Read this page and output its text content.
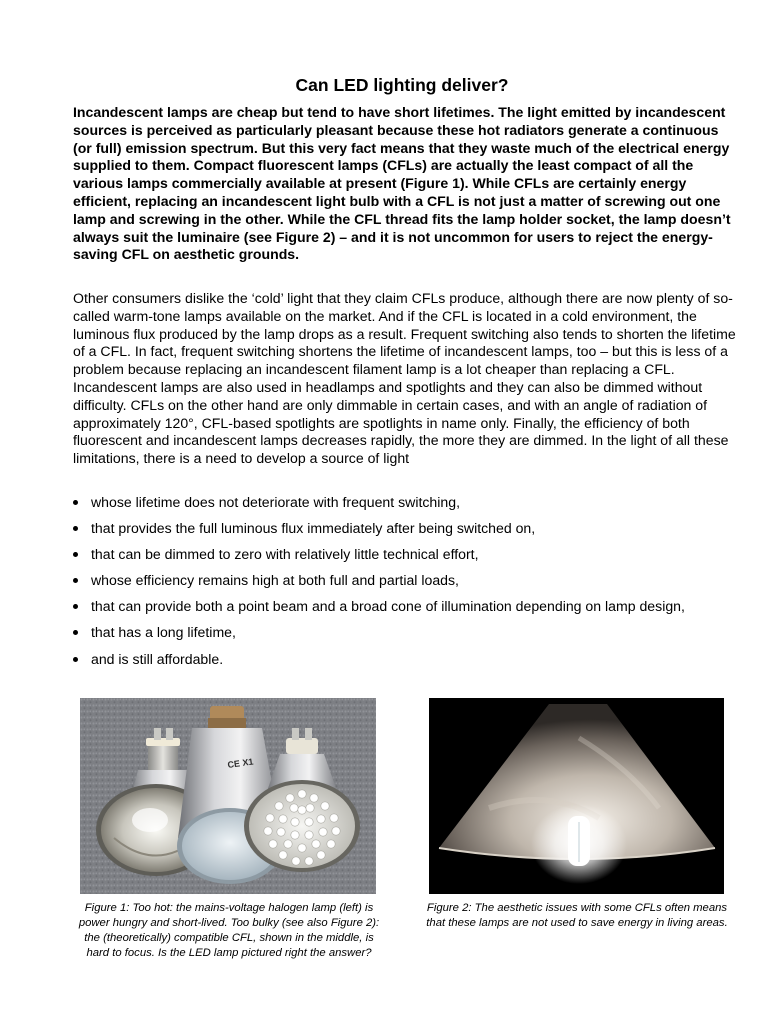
Can LED lighting deliver?

Incandescent lamps are cheap but tend to have short lifetimes. The light emitted by incandescent sources is perceived as particularly pleasant because these hot radiators generate a continuous (or full) emission spectrum. But this very fact means that they waste much of the electrical energy supplied to them. Compact fluorescent lamps (CFLs) are actually the least compact of all the various lamps commercially available at present (Figure 1). While CFLs are certainly energy efficient, replacing an incandescent light bulb with a CFL is not just a matter of screwing out one lamp and screwing in the other. While the CFL thread fits the lamp holder socket, the lamp doesn’t always suit the luminaire (see Figure 2) – and it is not uncommon for users to reject the energy-saving CFL on aesthetic grounds.

Other consumers dislike the ‘cold’ light that they claim CFLs produce, although there are now plenty of so-called warm-tone lamps available on the market. And if the CFL is located in a cold environment, the luminous flux produced by the lamp drops as a result. Frequent switching also tends to shorten the lifetime of a CFL. In fact, frequent switching shortens the lifetime of incandescent lamps, too – but this is less of a problem because replacing an incandescent filament lamp is a lot cheaper than replacing a CFL. Incandescent lamps are also used in headlamps and spotlights and they can also be dimmed without difficulty. CFLs on the other hand are only dimmable in certain cases, and with an angle of radiation of approximately 120°, CFL-based spotlights are spotlights in name only. Finally, the efficiency of both fluorescent and incandescent lamps decreases rapidly, the more they are dimmed. In the light of all these limitations, there is a need to develop a source of light

whose lifetime does not deteriorate with frequent switching,
that provides the full luminous flux immediately after being switched on,
that can be dimmed to zero with relatively little technical effort,
whose efficiency remains high at both full and partial loads,
that can provide both a point beam and a broad cone of illumination depending on lamp design,
that has a long lifetime,
and is still affordable.
CE X1

Figure 1: Too hot: the mains-voltage halogen lamp (left) is power hungry and short-lived. Too bulky (see also Figure 2): the (theoretically) compatible CFL, shown in the middle, is hard to focus. Is the LED lamp pictured right the answer?

Figure 2: The aesthetic issues with some CFLs often means that these lamps are not used to save energy in living areas.
